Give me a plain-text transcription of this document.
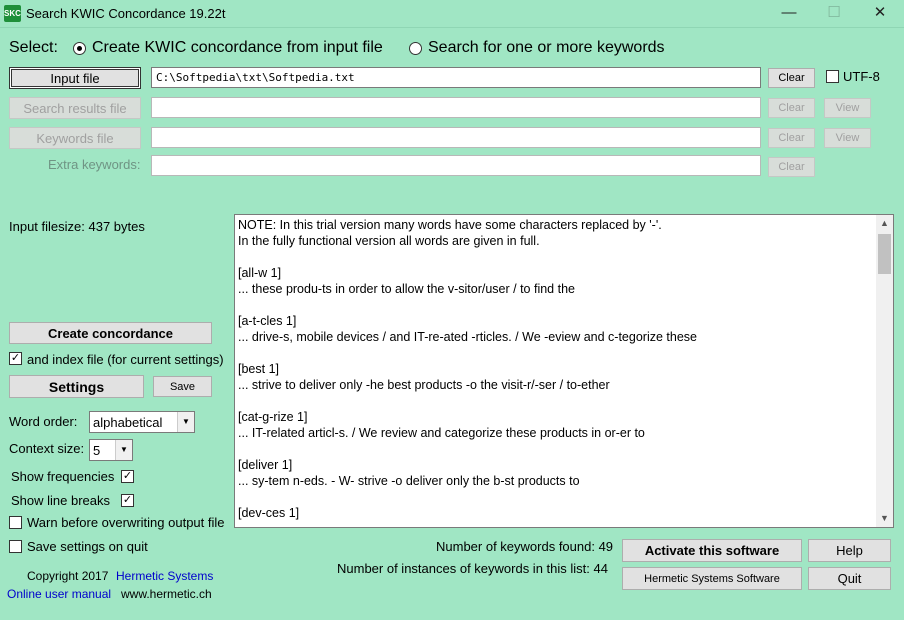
SKC Search KWIC Concordance 19.22t	—	☐	✕
Select: Create KWIC concordance from input file	Search for one or more keywords
Input file	C:\Softpedia\txt\Softpedia.txt	Clear	UTF-8
Search results file	Clear	View
Keywords file	Clear	View
Extra keywords:	Clear
Input filesize: 437 bytes
Create concordance
✓ and index file (for current settings)
Settings	Save
Word order:	alphabetical	▼
Context size: 5	▼
Show frequencies ✓
Show line breaks ✓
Warn before overwriting output file
Save settings on quit
Copyright 2017 Hermetic Systems
Online user manual www.hermetic.ch
NOTE: In this trial version many words have some characters replaced by '-'.
In the fully functional version all words are given in full.
[all-w 1]
... these produ-ts in order to allow the v-sitor/user / to find the
[a-t-cles 1]
... drive-s, mobile devices / and IT-re-ated -rticles. / We -eview and c-tegorize these
[best 1]
... strive to deliver only -he best products -o the visit-r/-ser / to-ether
[cat-g-rize 1]
... IT-related articl-s. / We review and categorize these products in or-er to
[deliver 1]
... sy-tem n-eds. - W- strive -o deliver only the b-st products to
[dev-ces 1]
▲
▼
Number of keywords found: 49
Number of instances of keywords in this list: 44
Activate this software	Help
Hermetic Systems Software	Quit
